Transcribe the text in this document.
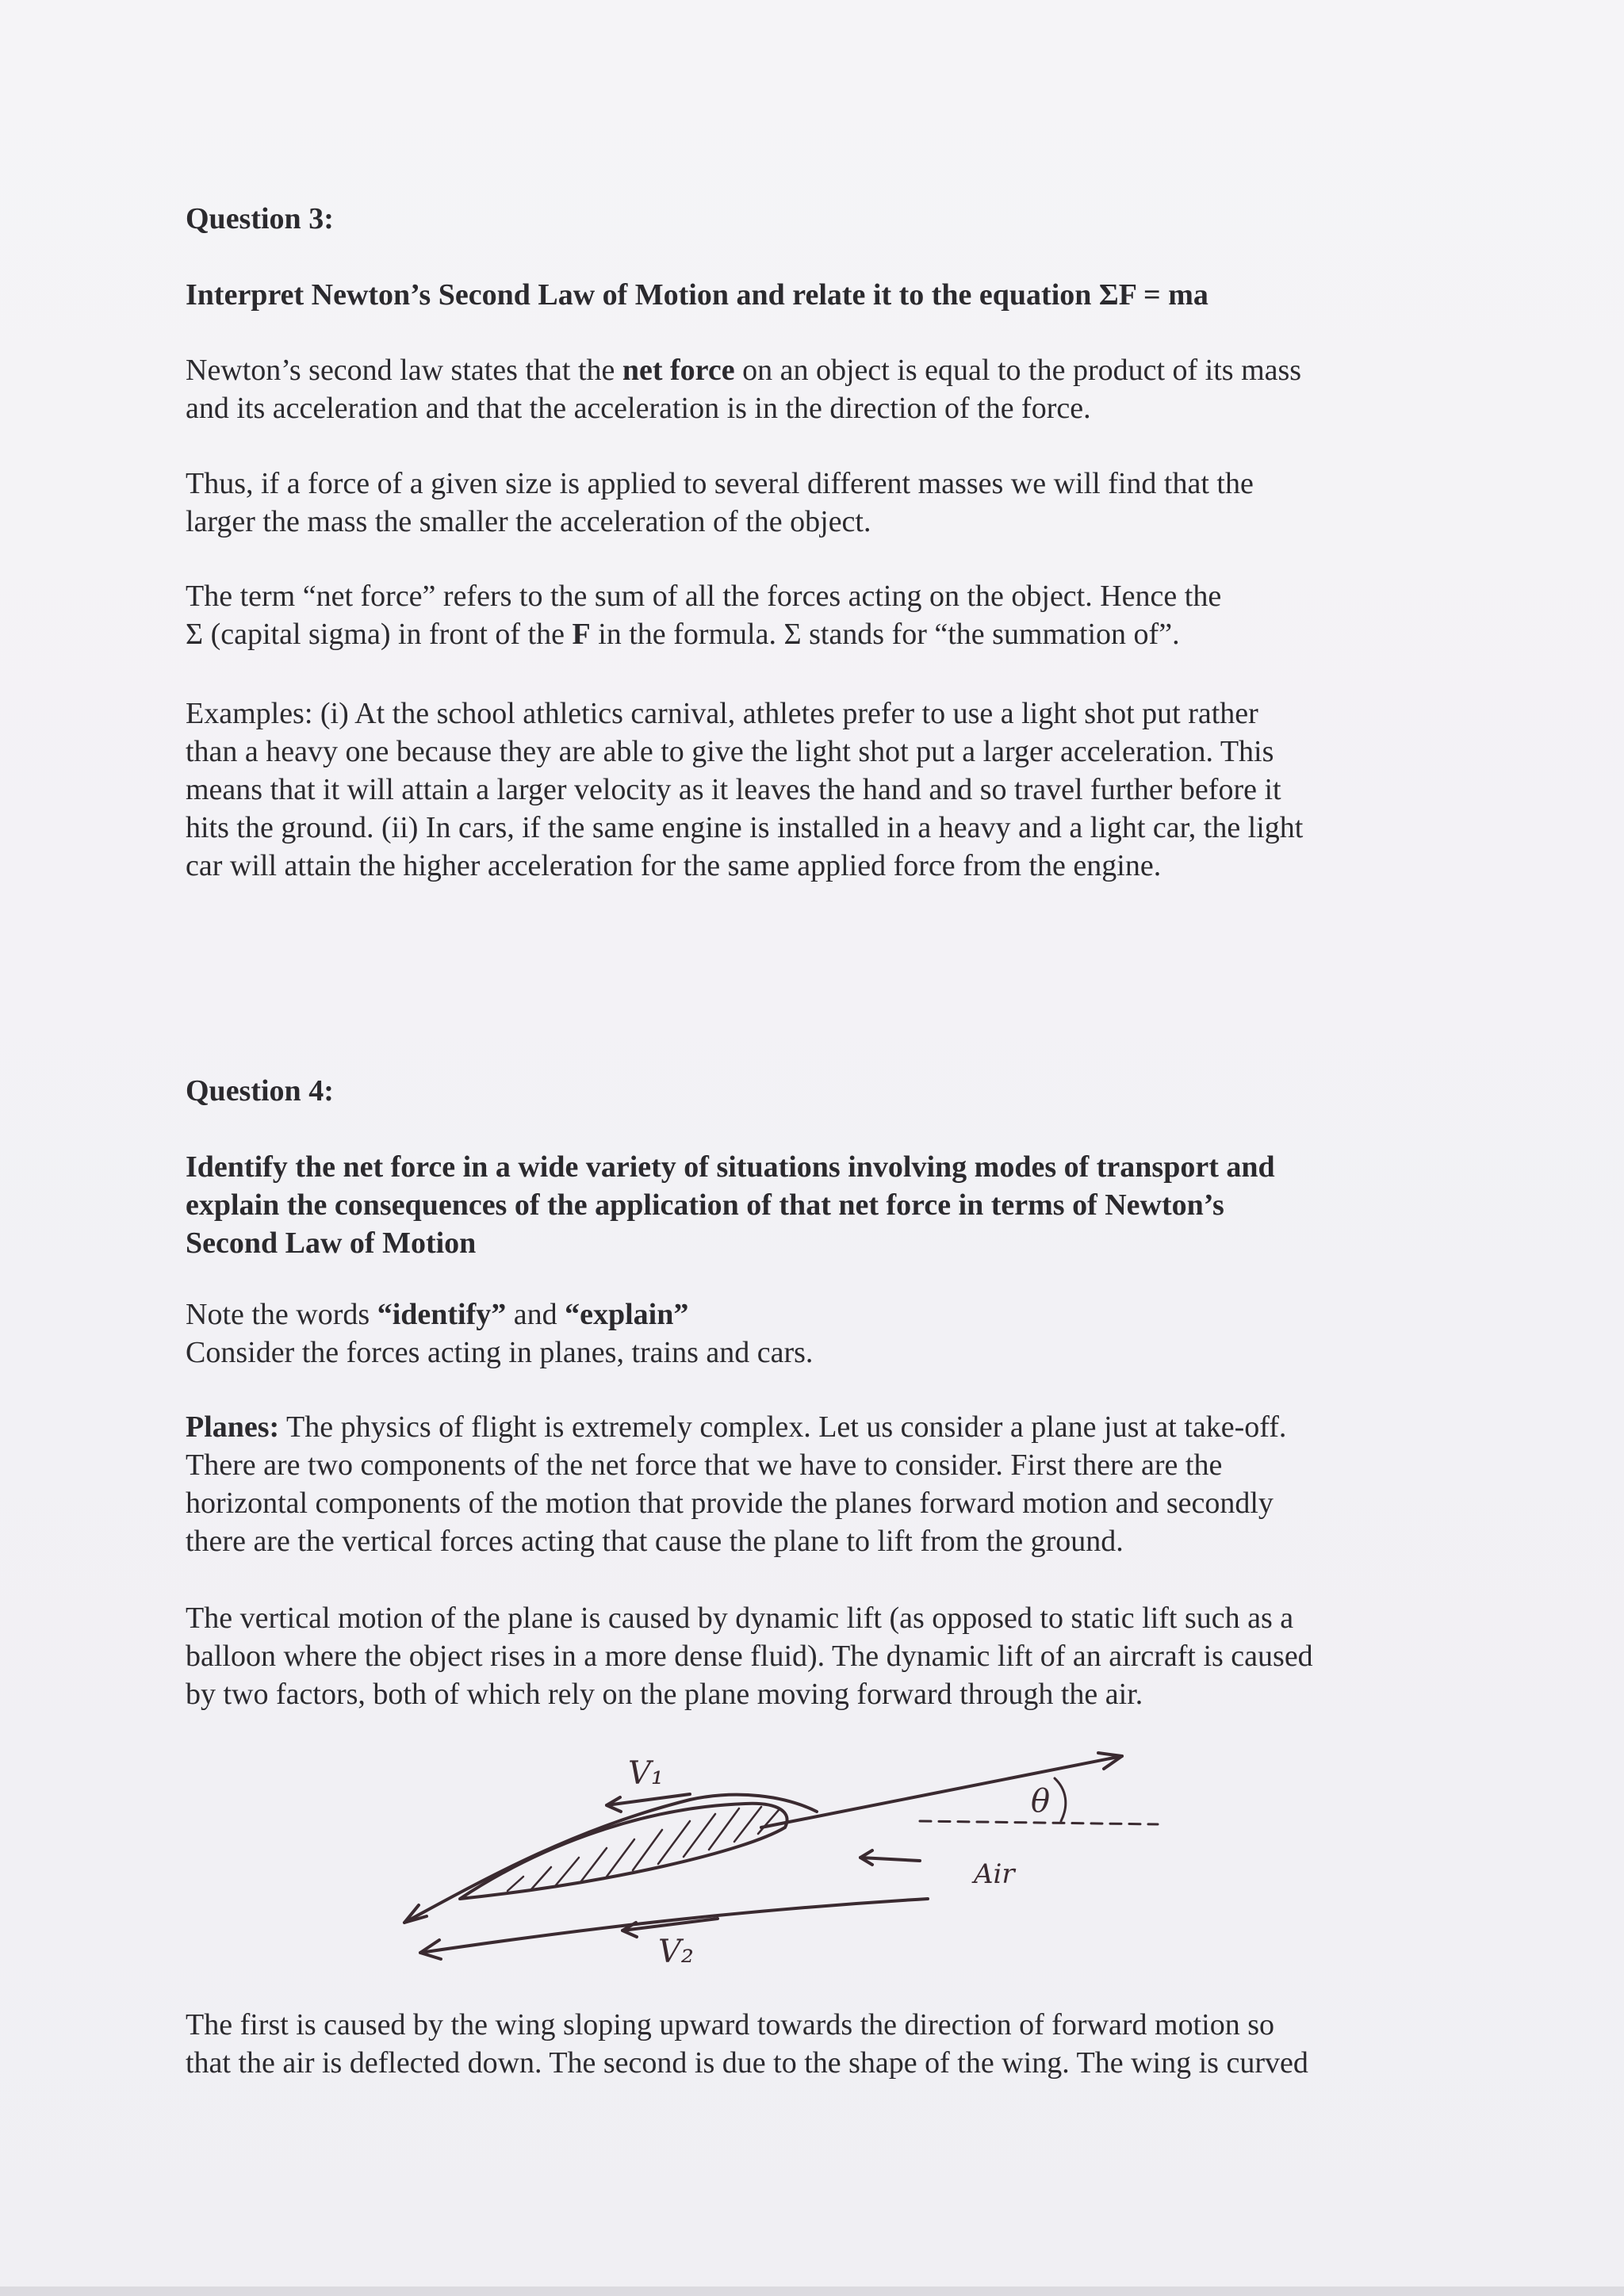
Question 3:

Interpret Newton’s Second Law of Motion and relate it to the equation ΣF = ma

Newton’s second law states that the net force on an object is equal to the product of its mass

and its acceleration and that the acceleration is in the direction of the force.

Thus, if a force of a given size is applied to several different masses we will find that the

larger the mass the smaller the acceleration of the object.

The term “net force” refers to the sum of all the forces acting on the object. Hence the

Σ (capital sigma) in front of the F in the formula. Σ stands for “the summation of”.

Examples: (i) At the school athletics carnival, athletes prefer to use a light shot put rather

than a heavy one because they are able to give the light shot put a larger acceleration. This

means that it will attain a larger velocity as it leaves the hand and so travel further before it

hits the ground. (ii) In cars, if the same engine is installed in a heavy and a light car, the light

car will attain the higher acceleration for the same applied force from the engine.

Question 4:

Identify the net force in a wide variety of situations involving modes of transport and

explain the consequences of the application of that net force in terms of Newton’s

Second Law of Motion

Note the words “identify” and “explain”

Consider the forces acting in planes, trains and cars.

Planes: The physics of flight is extremely complex. Let us consider a plane just at take-off.

There are two components of the net force that we have to consider. First there are the

horizontal components of the motion that provide the planes forward motion and secondly

there are the vertical forces acting that cause the plane to lift from the ground.

The vertical motion of the plane is caused by dynamic lift (as opposed to static lift such as a

balloon where the object rises in a more dense fluid). The dynamic lift of an aircraft is caused

by two factors, both of which rely on the plane moving forward through the air.

V₁
V₂
θ
Air

The first is caused by the wing sloping upward towards the direction of forward motion so

that the air is deflected down. The second is due to the shape of the wing. The wing is curved
